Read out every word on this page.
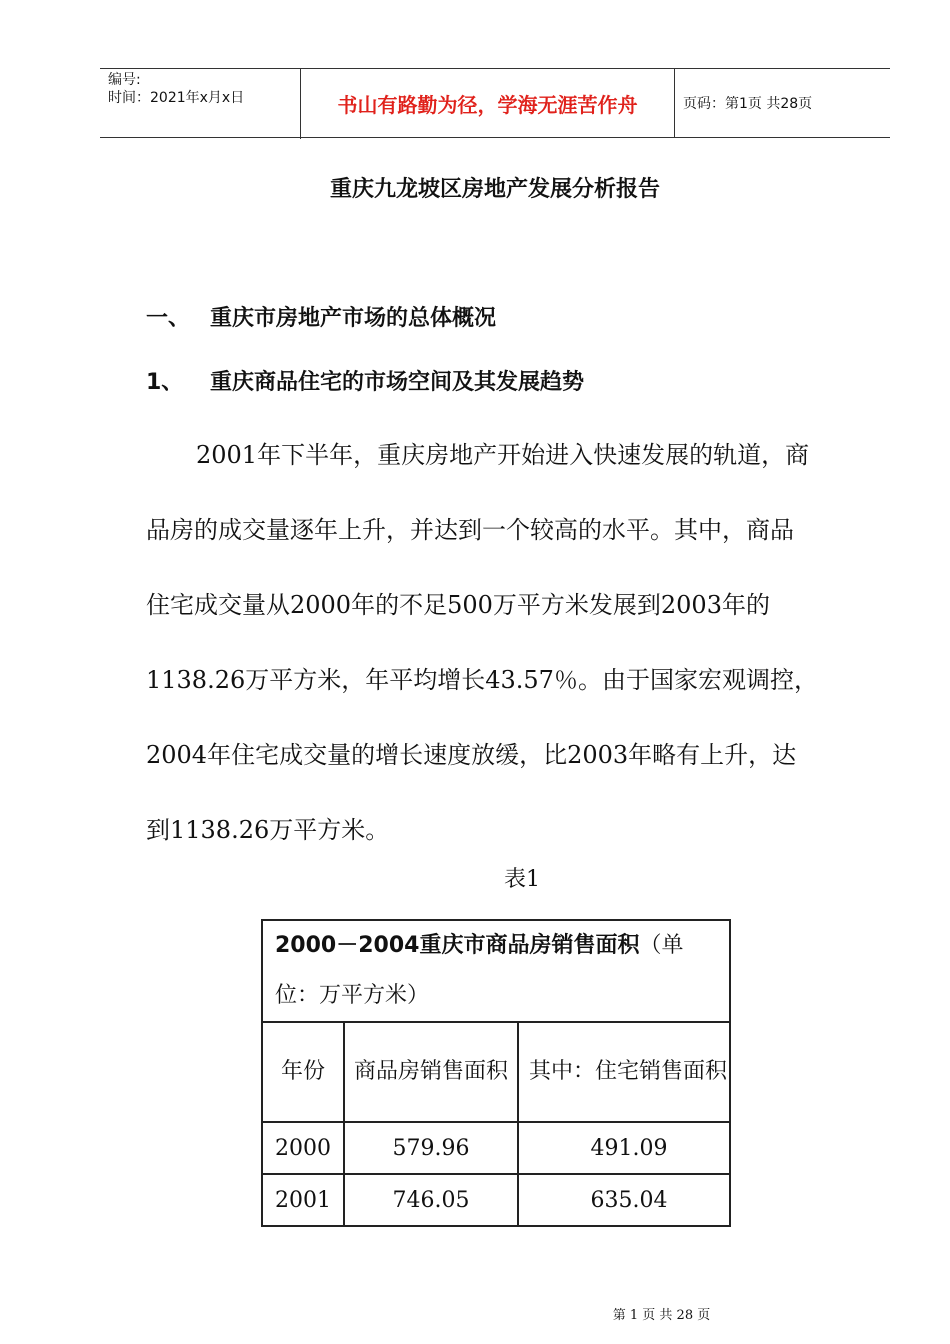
编号:
时间：2021年x月x日	书山有路勤为径，学海无涯苦作舟	页码：第1页 共28页
重庆九龙坡区房地产发展分析报告
一、 重庆市房地产市场的总体概况
1、 重庆商品住宅的市场空间及其发展趋势
2001年下半年，重庆房地产开始进入快速发展的轨道，商
品房的成交量逐年上升，并达到一个较高的水平。其中，商品
住宅成交量从2000年的不足500万平方米发展到2003年的
1138.26万平方米，年平均增长43.57％。由于国家宏观调控，
2004年住宅成交量的增长速度放缓，比2003年略有上升，达
到1138.26万平方米。
表1
2000－2004重庆市商品房销售面积（单位：万平方米）		
年份	商品房销售面积	其中：住宅销售面积
2000	579.96	491.09
2001	746.05	635.04
第 1 页 共 28 页
